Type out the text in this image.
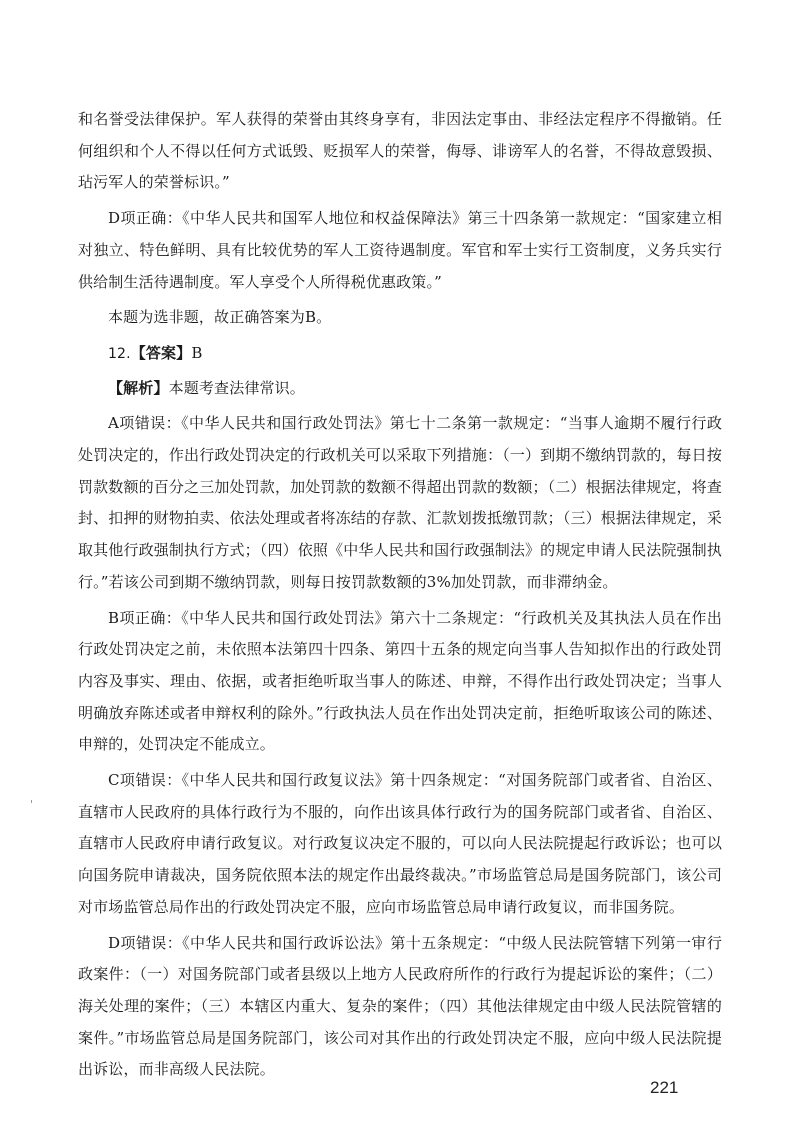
和名誉受法律保护。军人获得的荣誉由其终身享有，非因法定事由、非经法定程序不得撤销。任何组织和个人不得以任何方式诋毁、贬损军人的荣誉，侮辱、诽谤军人的名誉，不得故意毁损、玷污军人的荣誉标识。”

D项正确：《中华人民共和国军人地位和权益保障法》第三十四条第一款规定：“国家建立相对独立、特色鲜明、具有比较优势的军人工资待遇制度。军官和军士实行工资制度，义务兵实行供给制生活待遇制度。军人享受个人所得税优惠政策。”

本题为选非题，故正确答案为B。

12.【答案】B

【解析】本题考查法律常识。

A项错误：《中华人民共和国行政处罚法》第七十二条第一款规定：“当事人逾期不履行行政处罚决定的，作出行政处罚决定的行政机关可以采取下列措施：（一）到期不缴纳罚款的，每日按罚款数额的百分之三加处罚款，加处罚款的数额不得超出罚款的数额；（二）根据法律规定，将查封、扣押的财物拍卖、依法处理或者将冻结的存款、汇款划拨抵缴罚款；（三）根据法律规定，采取其他行政强制执行方式；（四）依照《中华人民共和国行政强制法》的规定申请人民法院强制执行。”若该公司到期不缴纳罚款，则每日按罚款数额的3%加处罚款，而非滞纳金。

B项正确：《中华人民共和国行政处罚法》第六十二条规定：“行政机关及其执法人员在作出行政处罚决定之前，未依照本法第四十四条、第四十五条的规定向当事人告知拟作出的行政处罚内容及事实、理由、依据，或者拒绝听取当事人的陈述、申辩，不得作出行政处罚决定；当事人明确放弃陈述或者申辩权利的除外。”行政执法人员在作出处罚决定前，拒绝听取该公司的陈述、申辩的，处罚决定不能成立。

C项错误：《中华人民共和国行政复议法》第十四条规定：“对国务院部门或者省、自治区、直辖市人民政府的具体行政行为不服的，向作出该具体行政行为的国务院部门或者省、自治区、直辖市人民政府申请行政复议。对行政复议决定不服的，可以向人民法院提起行政诉讼；也可以向国务院申请裁决，国务院依照本法的规定作出最终裁决。”市场监管总局是国务院部门，该公司对市场监管总局作出的行政处罚决定不服，应向市场监管总局申请行政复议，而非国务院。

D项错误：《中华人民共和国行政诉讼法》第十五条规定：“中级人民法院管辖下列第一审行政案件：（一）对国务院部门或者县级以上地方人民政府所作的行政行为提起诉讼的案件；（二）海关处理的案件；（三）本辖区内重大、复杂的案件；（四）其他法律规定由中级人民法院管辖的案件。”市场监管总局是国务院部门，该公司对其作出的行政处罚决定不服，应向中级人民法院提出诉讼，而非高级人民法院。

221
